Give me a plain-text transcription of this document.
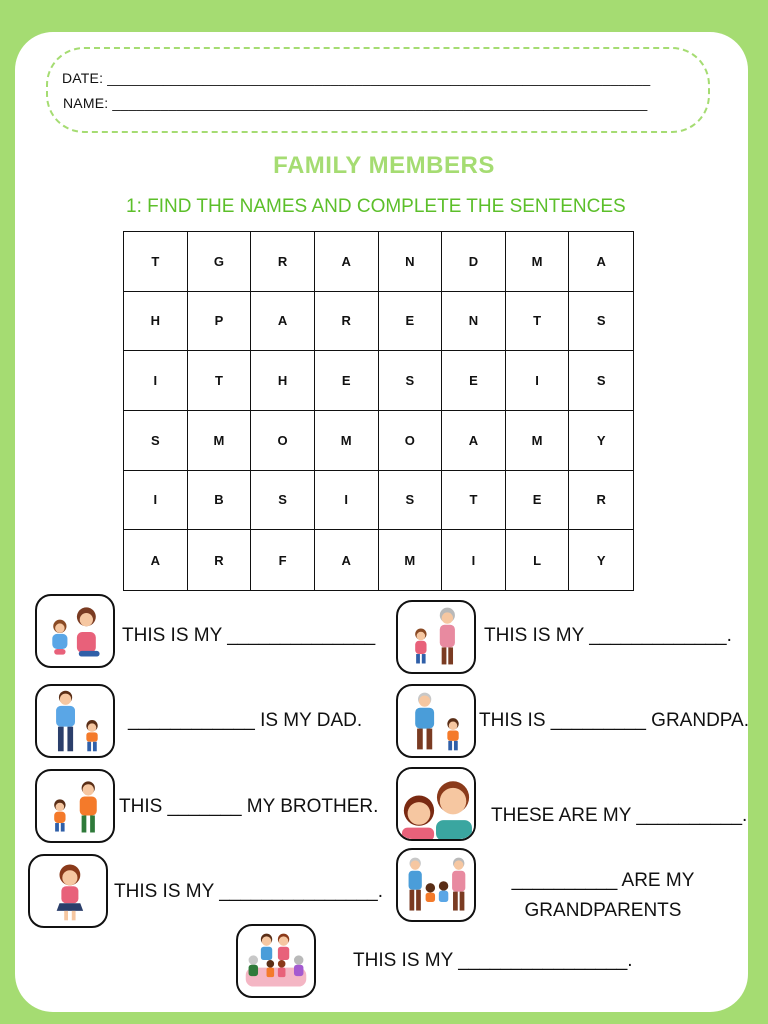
DATE: ____________________________________________________________________
NAME: ___________________________________________________________________
FAMILY MEMBERS
1: FIND THE NAMES AND COMPLETE THE SENTENCES
T	G	R	A	N	D	M	A
H	P	A	R	E	N	T	S
I	T	H	E	S	E	I	S
S	M	O	M	O	A	M	Y
I	B	S	I	S	T	E	R
A	R	F	A	M	I	L	Y
THIS IS MY ______________	THIS IS MY _____________.
____________ IS MY DAD.	THIS IS _________ GRANDPA.
THIS _______ MY BROTHER.	THESE ARE MY __________.
THIS IS MY _______________.
__________ ARE MY
GRANDPARENTS
THIS IS MY ________________.
